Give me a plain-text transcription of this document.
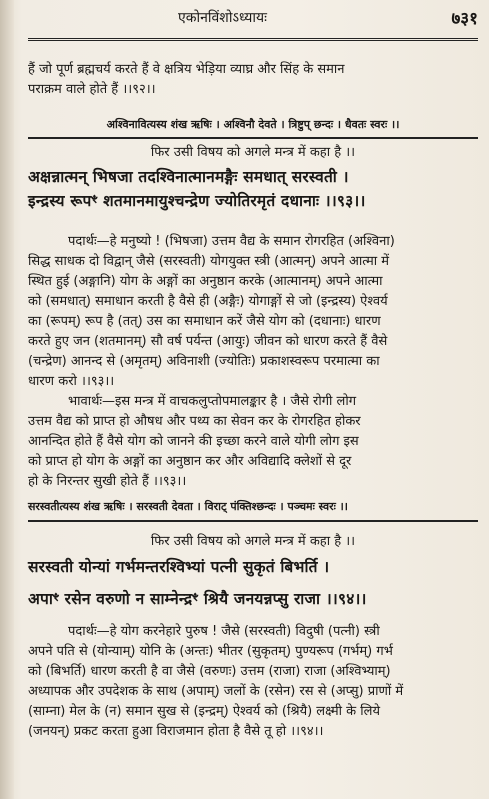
एकोनविंशोऽध्यायः	७३१
हैं जो पूर्ण ब्रह्मचर्य करते हैं वे क्षत्रिय भेड़िया व्याघ्र और सिंह के समान
पराक्रम वाले होते हैं ।।९२।।
अश्विनावित्यस्य शंख ऋषिः । अश्विनौ देवते । त्रिष्टुप् छन्दः । धैवतः स्वरः ।।
फिर उसी विषय को अगले मन्त्र में कहा है ।।
अक्षन्नात्मन् भिषजा तदश्विनात्मानमङ्गैः समधात् सरस्वती ।
इन्द्रस्य रूपꣳ शतमानमायुश्चन्द्रेण ज्योतिरमृतं दधानाः ।।९३।।
पदार्थः—हे मनुष्यो ! (भिषजा) उत्तम वैद्य के समान रोगरहित (अश्विना)
सिद्ध साधक दो विद्वान् जैसे (सरस्वती) योगयुक्त स्त्री (आत्मन्) अपने आत्मा में
स्थित हुई (अङ्गानि) योग के अङ्गों का अनुष्ठान करके (आत्मानम्) अपने आत्मा
को (समधात्) समाधान करती है वैसे ही (अङ्गैः) योगाङ्गों से जो (इन्द्रस्य) ऐश्वर्य
का (रूपम्) रूप है (तत्) उस का समाधान करें जैसे योग को (दधानाः) धारण
करते हुए जन (शतमानम्) सौ वर्ष पर्यन्त (आयुः) जीवन को धारण करते हैं वैसे
(चन्द्रेण) आनन्द से (अमृतम्) अविनाशी (ज्योतिः) प्रकाशस्वरूप परमात्मा का
धारण करो ।।९३।।
भावार्थः—इस मन्त्र में वाचकलुप्तोपमालङ्कार है । जैसे रोगी लोग
उत्तम वैद्य को प्राप्त हो औषध और पथ्य का सेवन कर के रोगरहित होकर
आनन्दित होते हैं वैसे योग को जानने की इच्छा करने वाले योगी लोग इस
को प्राप्त हो योग के अङ्गों का अनुष्ठान कर और अविद्यादि क्लेशों से दूर
हो के निरन्तर सुखी होते हैं ।।९३।।
सरस्वतीत्यस्य शंख ऋषिः । सरस्वती देवता । विराट् पंक्तिश्छन्दः । पञ्चमः स्वरः ।।
फिर उसी विषय को अगले मन्त्र में कहा है ।।
सरस्वती योन्यां गर्भमन्तरश्विभ्यां पत्नी सुकृतं बिभर्ति ।
अपाꣳ रसेन वरुणो न साम्नेन्द्रꣳ श्रियै जनयन्नप्सु राजा ।।९४।।
पदार्थः—हे योग करनेहारे पुरुष ! जैसे (सरस्वती) विदुषी (पत्नी) स्त्री
अपने पति से (योन्याम्) योनि के (अन्तः) भीतर (सुकृतम्) पुण्यरूप (गर्भम्) गर्भ
को (बिभर्ति) धारण करती है वा जैसे (वरुणः) उत्तम (राजा) राजा (अश्विभ्याम्)
अध्यापक और उपदेशक के साथ (अपाम्) जलों के (रसेन) रस से (अप्सु) प्राणों में
(साम्ना) मेल के (न) समान सुख से (इन्द्रम्) ऐश्वर्य को (श्रियै) लक्ष्मी के लिये
(जनयन्) प्रकट करता हुआ विराजमान होता है वैसे तू हो ।।९४।।
